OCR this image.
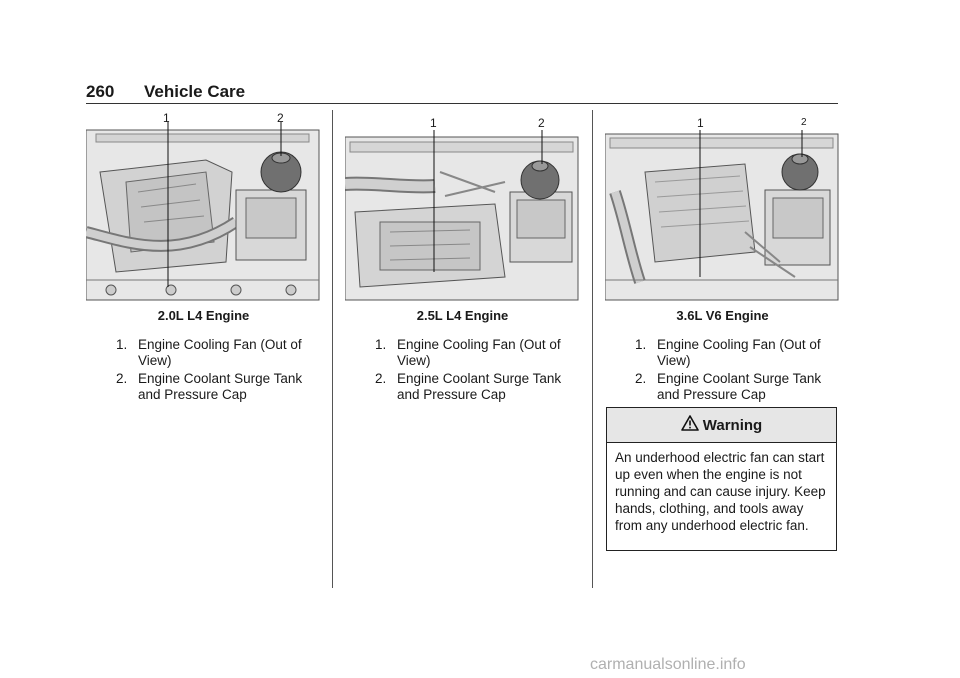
260 Vehicle Care
1	2
2.0L L4 Engine
1. Engine Cooling Fan (Out of View)
2. Engine Coolant Surge Tank and Pressure Cap
1	2
2.5L L4 Engine
1. Engine Cooling Fan (Out of View)
2. Engine Coolant Surge Tank and Pressure Cap
1	2
3.6L V6 Engine
1. Engine Cooling Fan (Out of View)
2. Engine Coolant Surge Tank and Pressure Cap
Warning
An underhood electric fan can start up even when the engine is not running and can cause injury. Keep hands, clothing, and tools away from any underhood electric fan.
carmanualsonline.info
